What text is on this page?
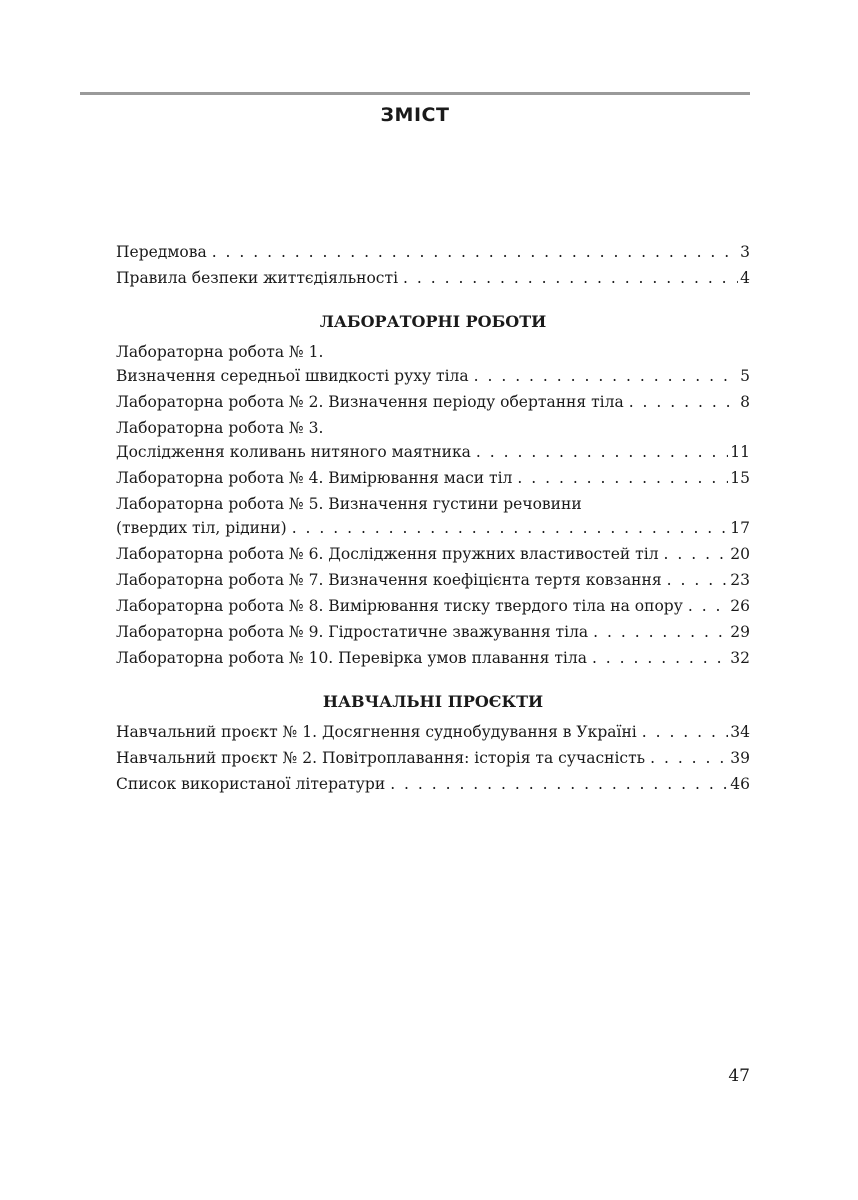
ЗМІСТ
Передмова . . .	3
Правила безпеки життєдіяльності . . .	4
ЛАБОРАТОРНІ РОБОТИ
Лабораторна робота № 1.
Визначення середньої швидкості руху тіла . . .	5
Лабораторна робота № 2. Визначення періоду обертання тіла . . .	8
Лабораторна робота № 3.
Дослідження коливань нитяного маятника . . .	11
Лабораторна робота № 4. Вимірювання маси тіл . . .	15
Лабораторна робота № 5. Визначення густини речовини
(твердих тіл, рідини) . . .	17
Лабораторна робота № 6. Дослідження пружних властивостей тіл . . .	20
Лабораторна робота № 7. Визначення коефіцієнта тертя ковзання . . .	23
Лабораторна робота № 8. Вимірювання тиску твердого тіла на опору . . .	26
Лабораторна робота № 9. Гідростатичне зважування тіла . . .	29
Лабораторна робота № 10. Перевірка умов плавання тіла . . .	32
НАВЧАЛЬНІ ПРОЄКТИ
Навчальний проєкт № 1. Досягнення суднобудування в Україні . . .	34
Навчальний проєкт № 2. Повітроплавання: історія та сучасність . . .	39
Список використаної літератури . . .	46
47
